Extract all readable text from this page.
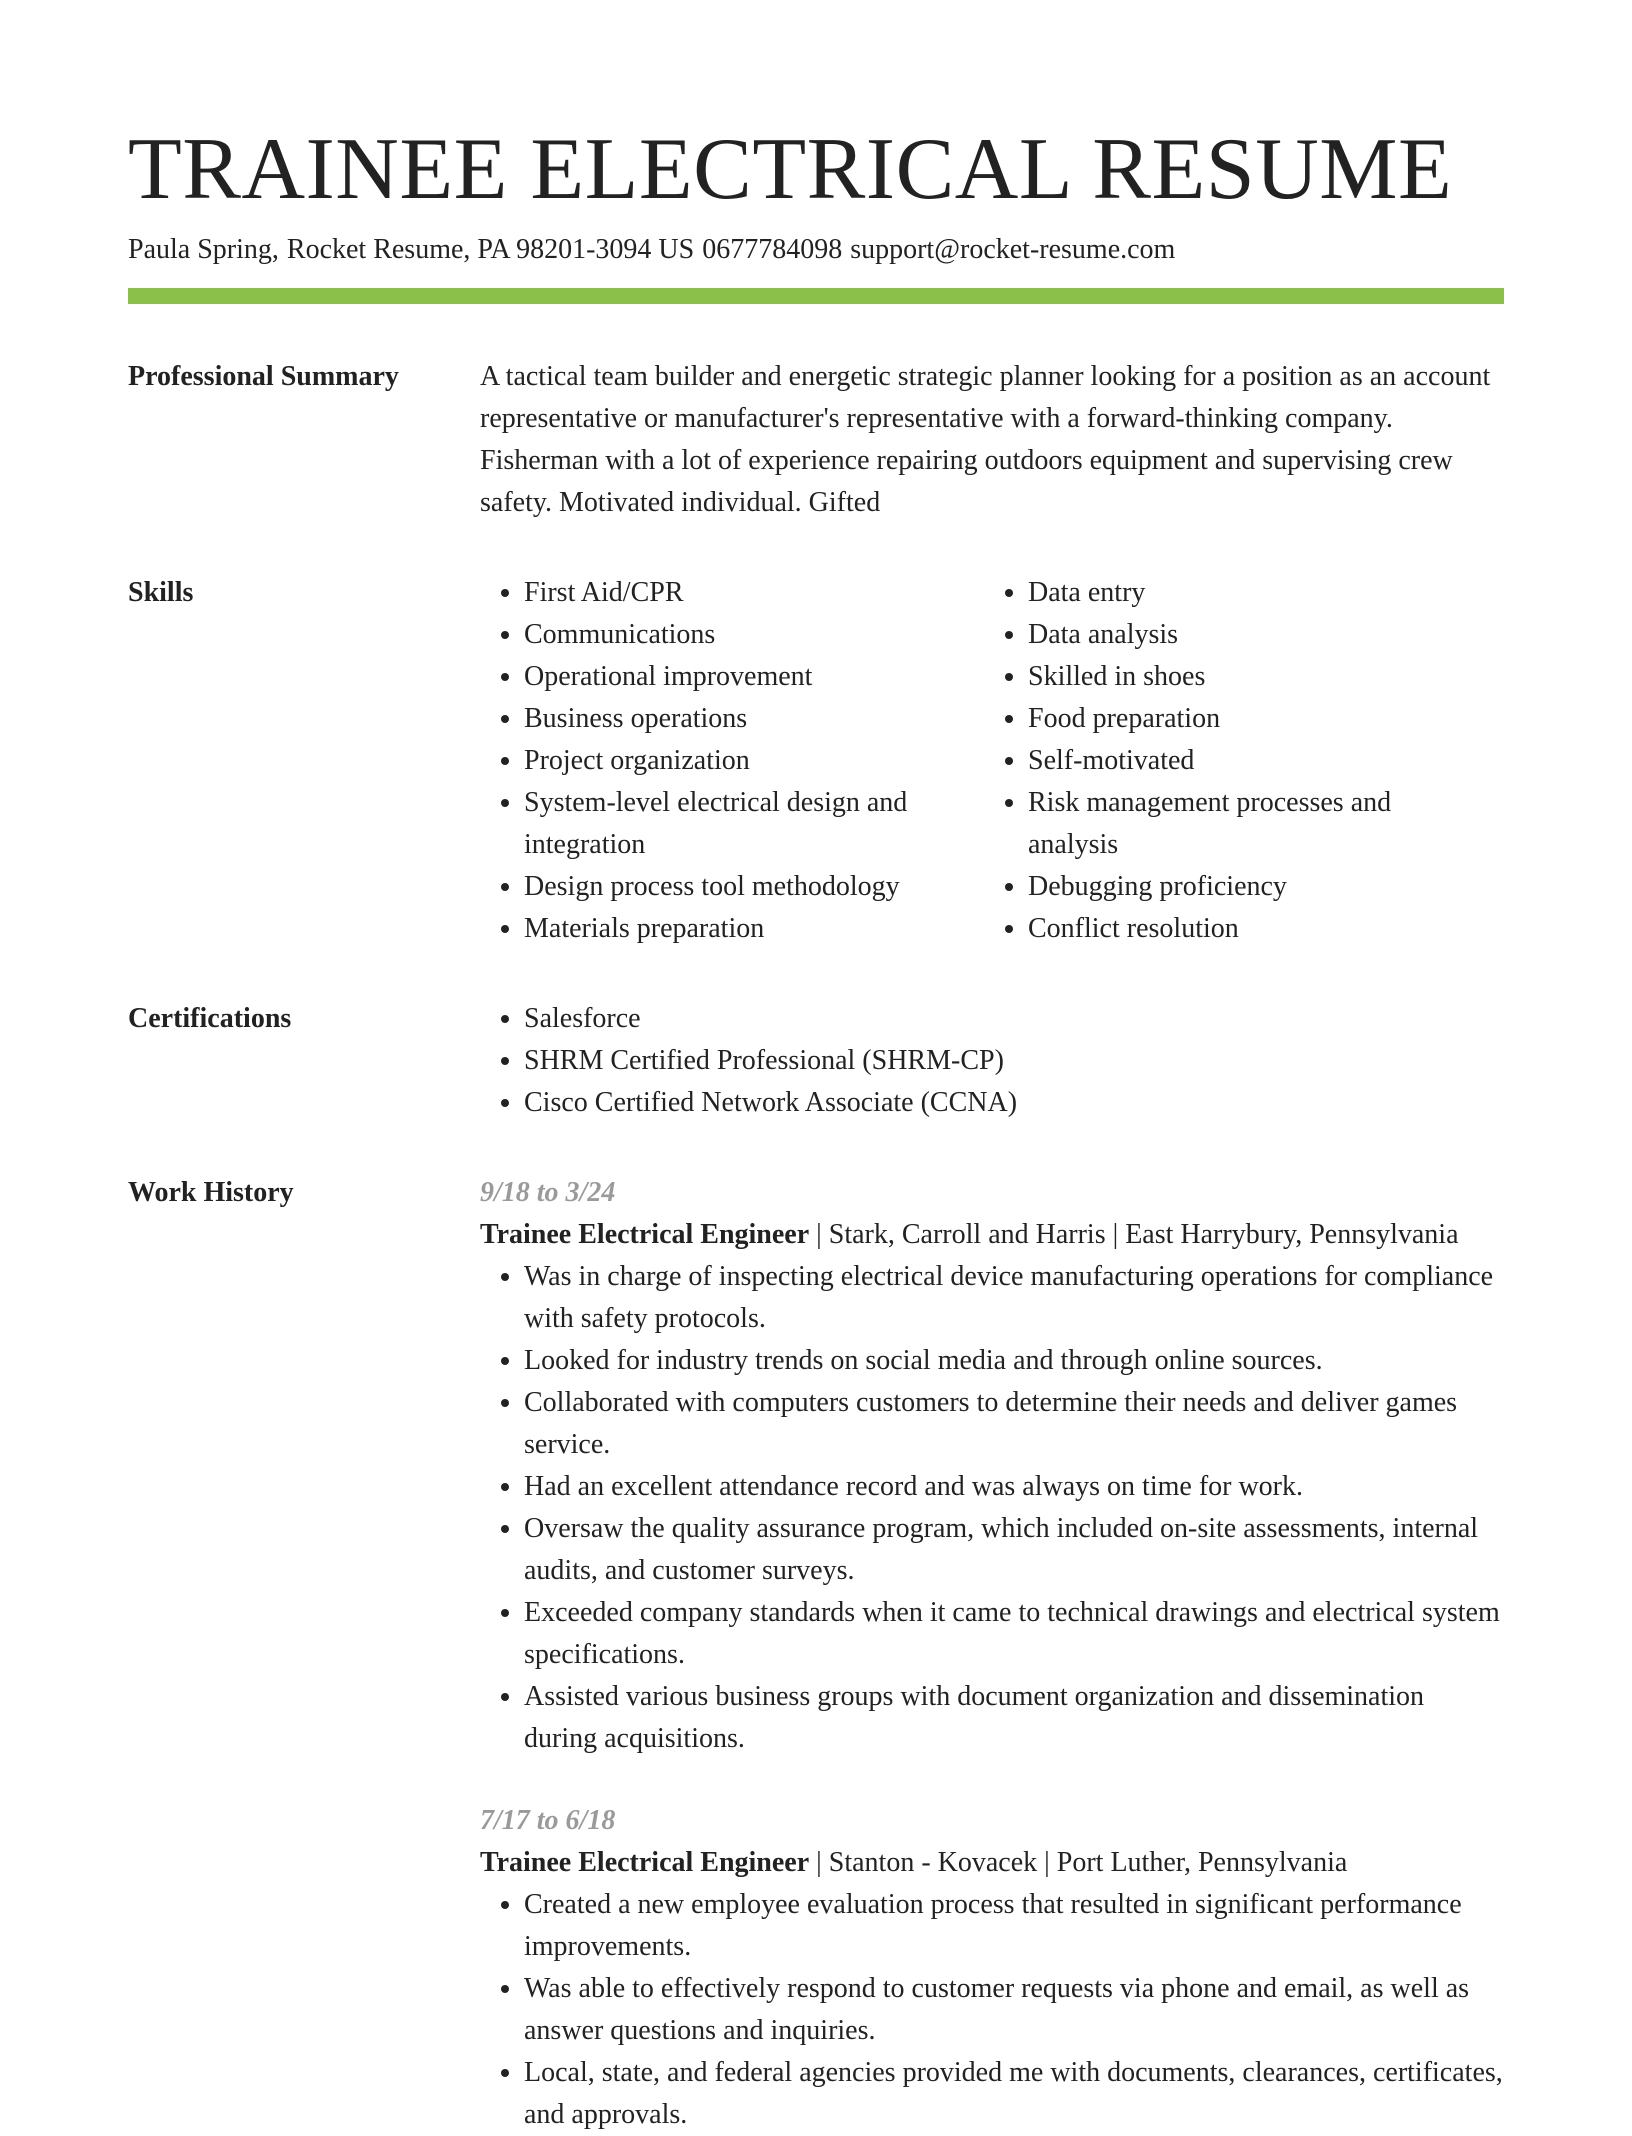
TRAINEE ELECTRICAL RESUME
Paula Spring, Rocket Resume, PA 98201-3094 US 0677784098 support@rocket-resume.com
Professional Summary	A tactical team builder and energetic strategic planner looking for a position as an account representative or manufacturer's representative with a forward-thinking company. Fisherman with a lot of experience repairing outdoors equipment and supervising crew safety. Motivated individual. Gifted

Skills	• First Aid/CPR
• Communications
• Operational improvement
• Business operations
• Project organization
• System-level electrical design and integration
• Design process tool methodology
• Materials preparation
• Data entry
• Data analysis
• Skilled in shoes
• Food preparation
• Self-motivated
• Risk management processes and analysis
• Debugging proficiency
• Conflict resolution
Certifications	• Salesforce
• SHRM Certified Professional (SHRM-CP)
• Cisco Certified Network Associate (CCNA)
Work History	9/18 to 3/24
Trainee Electrical Engineer | Stark, Carroll and Harris | East Harrybury, Pennsylvania
• Was in charge of inspecting electrical device manufacturing operations for compliance with safety protocols.
• Looked for industry trends on social media and through online sources.
• Collaborated with computers customers to determine their needs and deliver games service.
• Had an excellent attendance record and was always on time for work.
• Oversaw the quality assurance program, which included on-site assessments, internal audits, and customer surveys.
• Exceeded company standards when it came to technical drawings and electrical system specifications.
• Assisted various business groups with document organization and dissemination during acquisitions.
7/17 to 6/18
Trainee Electrical Engineer | Stanton - Kovacek | Port Luther, Pennsylvania
• Created a new employee evaluation process that resulted in significant performance improvements.
• Was able to effectively respond to customer requests via phone and email, as well as answer questions and inquiries.
• Local, state, and federal agencies provided me with documents, clearances, certificates, and approvals.
